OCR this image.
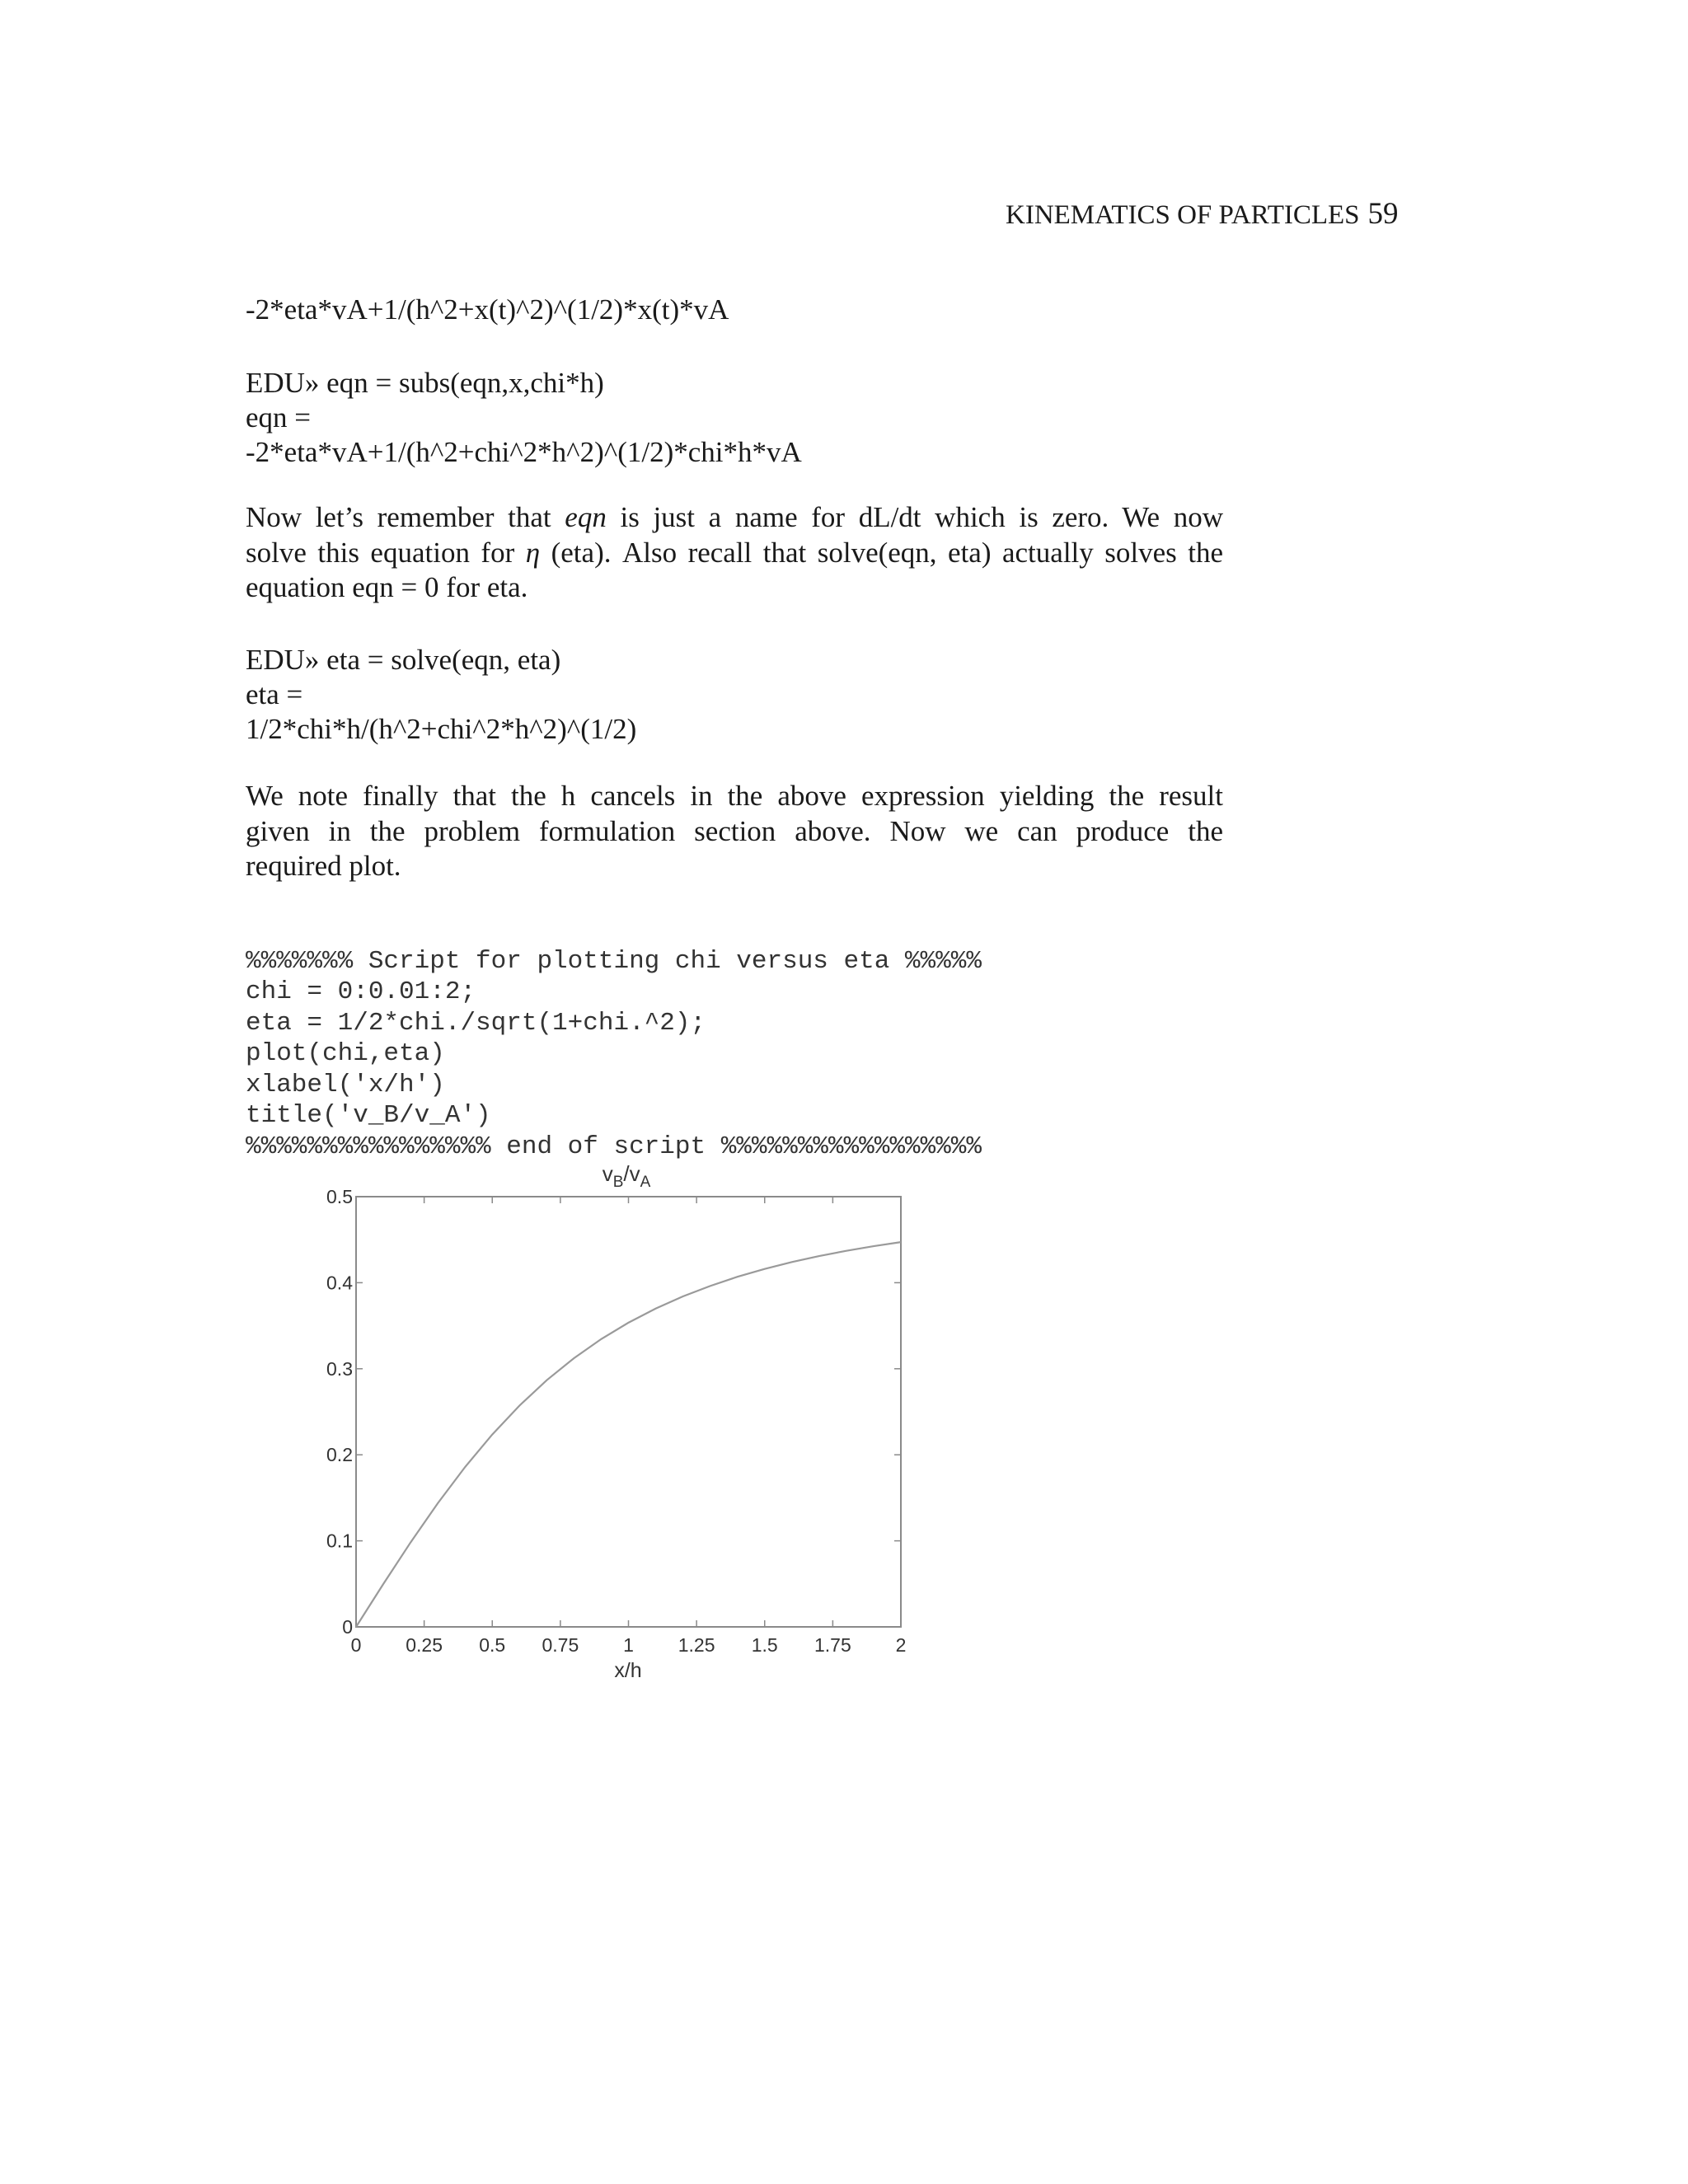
KINEMATICS OF PARTICLES 59
-2*eta*vA+1/(h^2+x(t)^2)^(1/2)*x(t)*vA
EDU» eqn = subs(eqn,x,chi*h)
eqn =
-2*eta*vA+1/(h^2+chi^2*h^2)^(1/2)*chi*h*vA
Now let’s remember that eqn is just a name for dL/dt which is zero. We now
solve this equation for η (eta). Also recall that solve(eqn, eta) actually solves the
equation eqn = 0 for eta.
EDU» eta = solve(eqn, eta)
eta =
1/2*chi*h/(h^2+chi^2*h^2)^(1/2)
We note finally that the h cancels in the above expression yielding the result
given in the problem formulation section above. Now we can produce the
required plot.

%%%%%%% Script for plotting chi versus eta %%%%%
chi = 0:0.01:2;
eta = 1/2*chi./sqrt(1+chi.^2);
plot(chi,eta)
xlabel('x/h')
title('v_B/v_A')
%%%%%%%%%%%%%%%% end of script %%%%%%%%%%%%%%%%%

$v_B/v_A$
0 0.25 0.5 0.75 1 1.25 1.5 1.75 2
0
0.1
0.2
0.3
0.4
0.5
x/h
